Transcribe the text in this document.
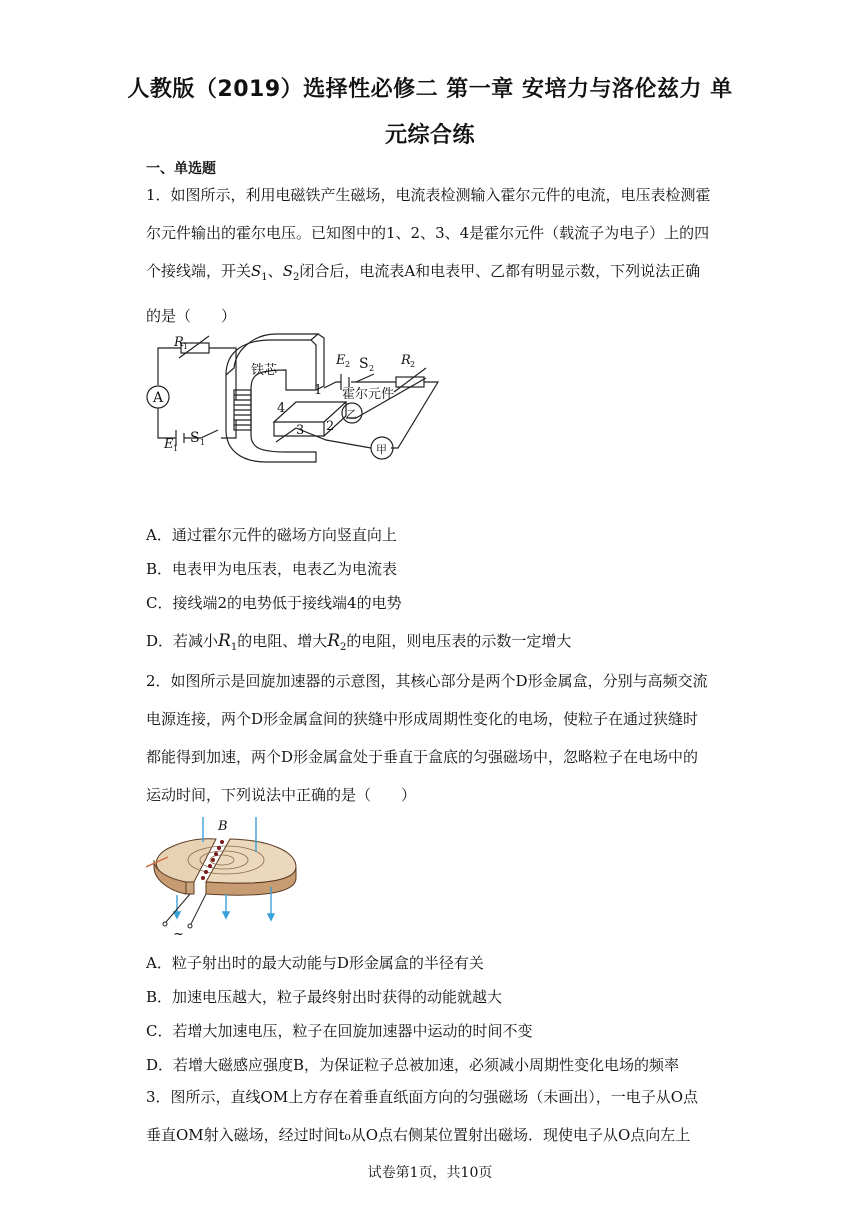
人教版（2019）选择性必修二 第一章 安培力与洛伦兹力 单
元综合练
一、单选题
1．如图所示，利用电磁铁产生磁场，电流表检测输入霍尔元件的电流，电压表检测霍
尔元件输出的霍尔电压。已知图中的1、2、3、4是霍尔元件（载流子为电子）上的四
个接线端，开关$S_1$、$S_2$闭合后，电流表A和电表甲、乙都有明显示数，下列说法正确
的是（　　）
R 1
A
E 1
S 1
铁芯
E 2 S 2
R 2
霍尔元件
1
2
3
4	乙
甲
A．通过霍尔元件的磁场方向竖直向上
B．电表甲为电压表，电表乙为电流表
C．接线端2的电势低于接线端4的电势
D．若减小$R_1$的电阻、增大$R_2$的电阻，则电压表的示数一定增大
2．如图所示是回旋加速器的示意图，其核心部分是两个D形金属盒，分别与高频交流
电源连接，两个D形金属盒间的狭缝中形成周期性变化的电场，使粒子在通过狭缝时
都能得到加速，两个D形金属盒处于垂直于盒底的匀强磁场中，忽略粒子在电场中的
运动时间，下列说法中正确的是（　　）
B
~
A．粒子射出时的最大动能与D形金属盒的半径有关
B．加速电压越大，粒子最终射出时获得的动能就越大
C．若增大加速电压，粒子在回旋加速器中运动的时间不变
D．若增大磁感应强度B，为保证粒子总被加速，必须减小周期性变化电场的频率
3．图所示，直线OM上方存在着垂直纸面方向的匀强磁场（未画出），一电子从O点
垂直OM射入磁场，经过时间t₀从O点右侧某位置射出磁场．现使电子从O点向左上
试卷第1页，共10页
